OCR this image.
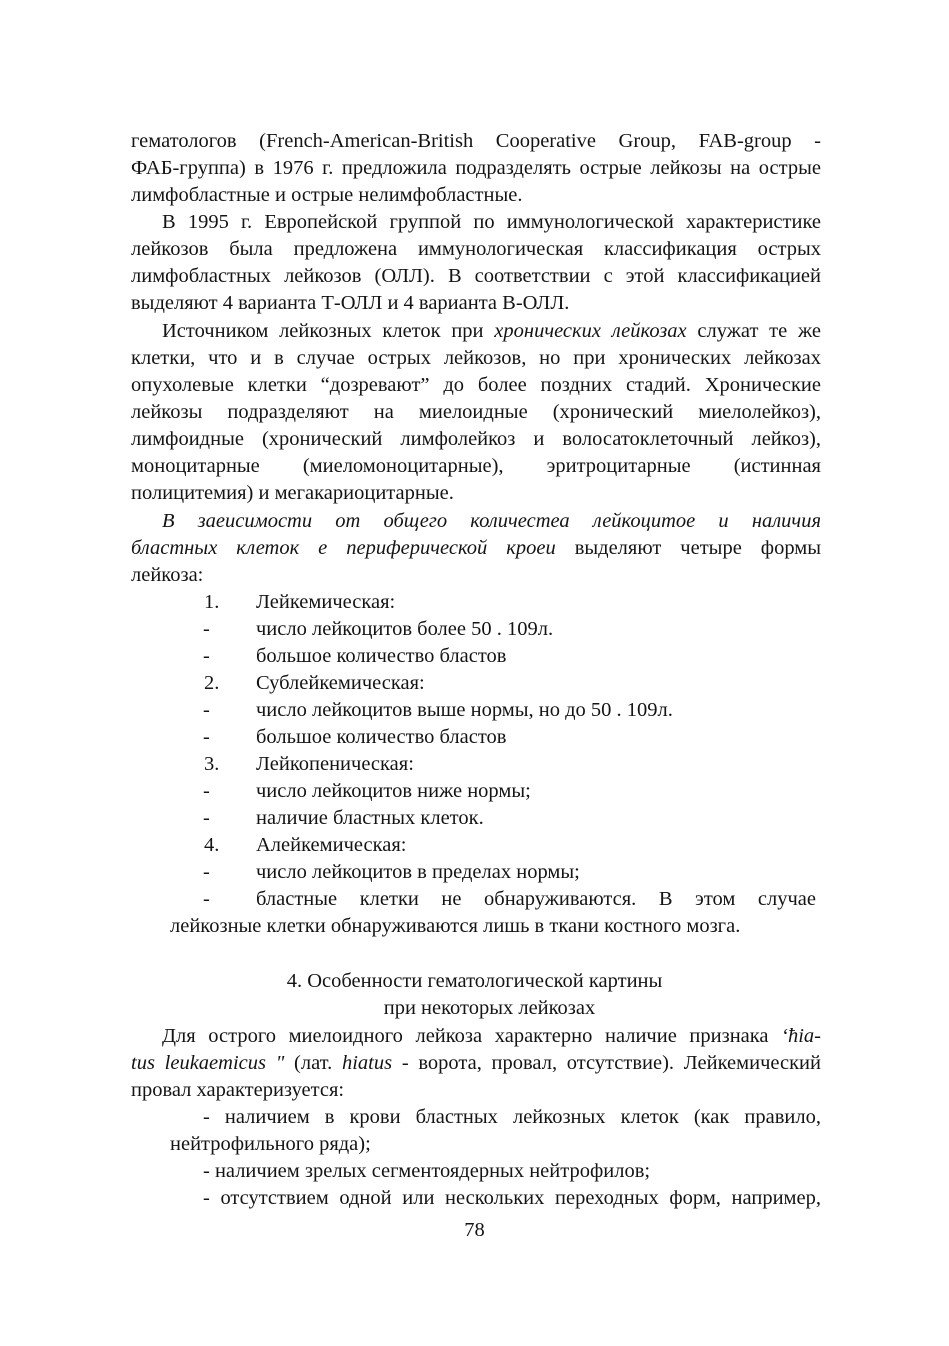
гематологов (French-American-British Cooperative Group, FAB-group -
ФАБ-группа) в 1976 г. предложила подразделять острые лейкозы на острые
лимфобластные и острые нелимфобластные.
В 1995 г. Европейской группой по иммунологической характеристике
лейкозов была предложена иммунологическая классификация острых
лимфобластных лейкозов (ОЛЛ). В соответствии с этой классификацией
выделяют 4 варианта Т-ОЛЛ и 4 варианта В-ОЛЛ.
Источником лейкозных клеток при хронических лейкозах служат те же
клетки, что и в случае острых лейкозов, но при хронических лейкозах
опухолевые клетки “дозревают” до более поздних стадий. Хронические
лейкозы подразделяют на миелоидные (хронический миелолейкоз),
лимфоидные (хронический лимфолейкоз и волосатоклеточный лейкоз),
моноцитарные (миеломоноцитарные), эритроцитарные (истинная
полицитемия) и мегакариоцитарные.
В заеисимости от общего количестеа лейкоцитое и наличия
бластных клеток е периферической кроеи выделяют четыре формы
лейкоза:
1. Лейкемическая:
- число лейкоцитов более 50 . 109л.
- большое количество бластов
2. Сублейкемическая:
- число лейкоцитов выше нормы, но до 50 . 109л.
- большое количество бластов
3. Лейкопеническая:
- число лейкоцитов ниже нормы;
- наличие бластных клеток.
4. Алейкемическая:
- число лейкоцитов в пределах нормы;
- бластные клетки не обнаруживаются. В этом случае
лейкозные клетки обнаруживаются лишь в ткани костного мозга.
4. Особенности гематологической картины
при некоторых лейкозах
Для острого миелоидного лейкоза характерно наличие признака ‘ћia-
tus leukaemicus " (лат. hiatus - ворота, провал, отсутствие). Лейкемический
провал характеризуется:
- наличием в крови бластных лейкозных клеток (как правило,
нейтрофильного ряда);
- наличием зрелых сегментоядерных нейтрофилов;
- отсутствием одной или нескольких переходных форм, например,
78
